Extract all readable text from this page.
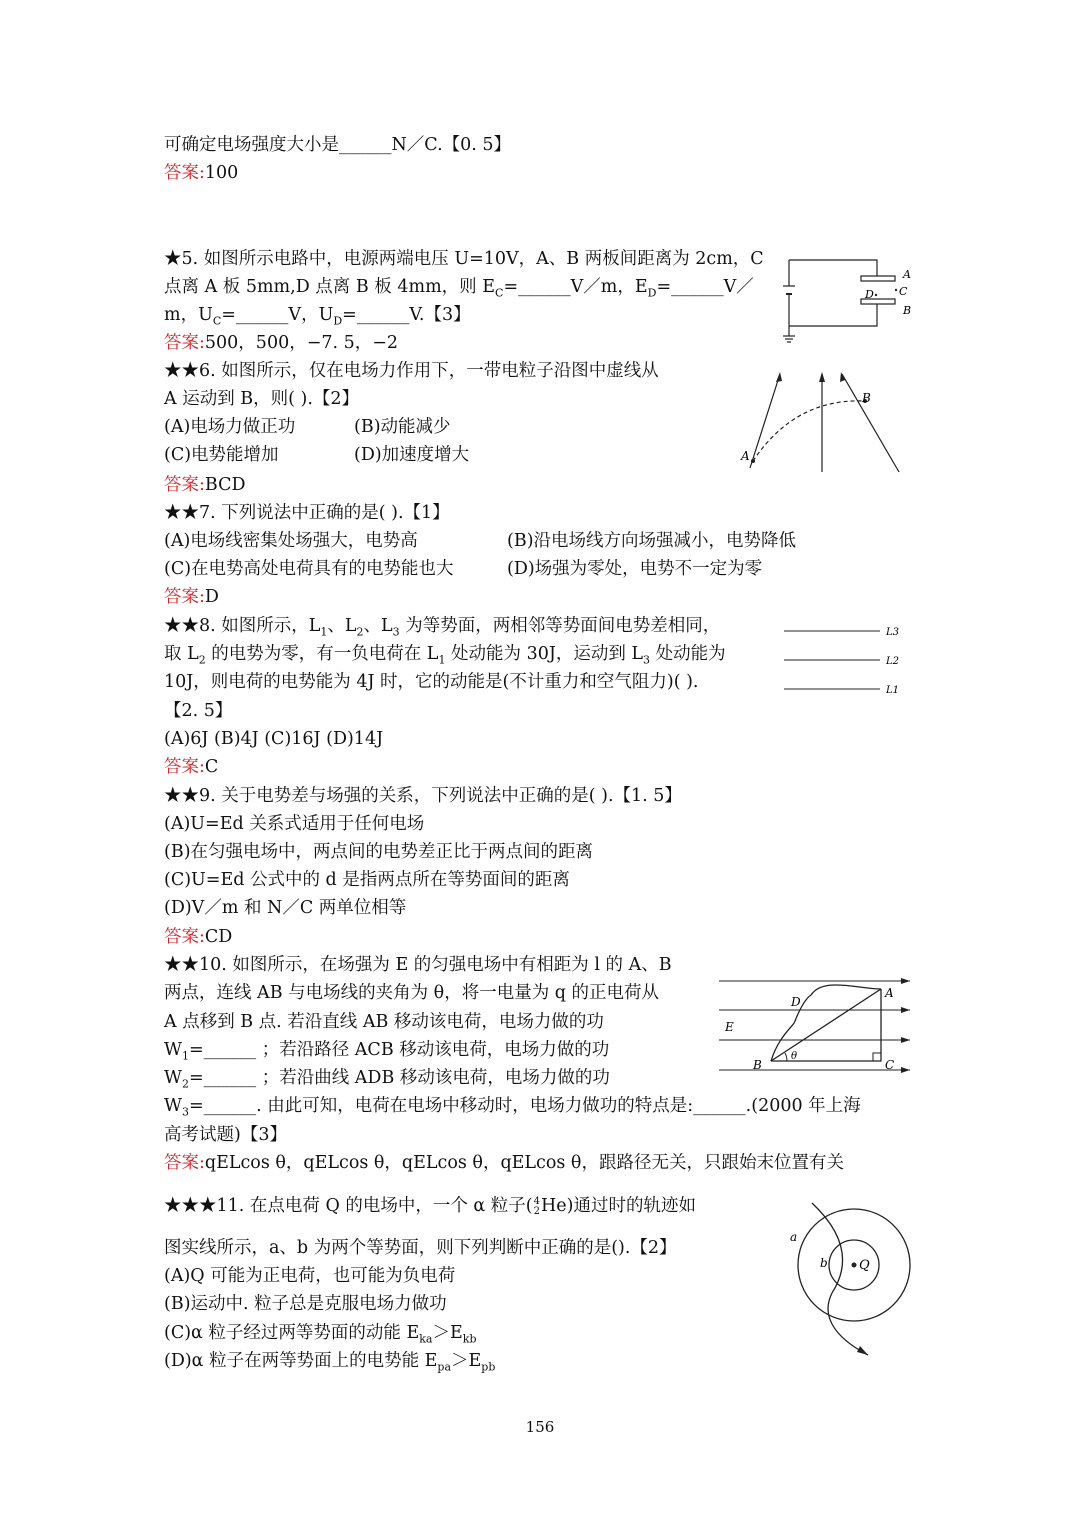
可确定电场强度大小是______N／C.【0. 5】
答案:100
★5. 如图所示电路中，电源两端电压 U=10V，A、B 两板间距离为 2cm，C
点离 A 板 5mm,D 点离 B 板 4mm，则 $E_C=\_\_\_\_\_\_V/m$，$E_D=\_\_\_\_\_\_V/$
m，$U_C=\_\_\_\_\_\_V$，$U_D=\_\_\_\_\_\_V$.【3】
答案:500，500，−7. 5，−2
★★6. 如图所示，仅在电场力作用下，一带电粒子沿图中虚线从
A 运动到 B，则( ).【2】
(A)电场力做正功	(B)动能减少
(C)电势能增加	(D)加速度增大
答案:BCD
★★7. 下列说法中正确的是( ).【1】
(A)电场线密集处场强大，电势高	(B)沿电场线方向场强减小，电势降低
(C)在电势高处电荷具有的电势能也大	(D)场强为零处，电势不一定为零
答案:D
★★8. 如图所示，$L_1$、$L_2$、$L_3$ 为等势面，两相邻等势面间电势差相同，
取 $L_2$ 的电势为零，有一负电荷在 $L_1$ 处动能为 30J，运动到 $L_3$ 处动能为
10J，则电荷的电势能为 4J 时，它的动能是(不计重力和空气阻力)( ).
【2. 5】
(A)6J (B)4J (C)16J (D)14J
答案:C
★★9. 关于电势差与场强的关系，下列说法中正确的是( ).【1. 5】
(A)U=Ed 关系式适用于任何电场
(B)在匀强电场中，两点间的电势差正比于两点间的距离
(C)U=Ed 公式中的 d 是指两点所在等势面间的距离
(D)V／m 和 N／C 两单位相等
答案:CD
★★10. 如图所示，在场强为 E 的匀强电场中有相距为 l 的 A、B
两点，连线 AB 与电场线的夹角为 θ，将一电量为 q 的正电荷从
A 点移到 B 点. 若沿直线 AB 移动该电荷，电场力做的功
$W_1=\_\_\_\_\_\_$ ；若沿路径 ACB 移动该电荷，电场力做的功
$W_2=\_\_\_\_\_\_$ ；若沿曲线 ADB 移动该电荷，电场力做的功
$W_3=\_\_\_\_\_\_$. 由此可知，电荷在电场中移动时，电场力做功的特点是:______.(2000 年上海
高考试题)【3】
答案:qELcos θ，qELcos θ，qELcos θ，qELcos θ，跟路径无关，只跟始末位置有关
★★★11. 在点电荷 Q 的电场中，一个 α 粒子( 4
2 He)通过时的轨迹如
图实线所示，a、b 为两个等势面，则下列判断中正确的是().【2】
(A)Q 可能为正电荷，也可能为负电荷
(B)运动中. 粒子总是克服电场力做功
(C)α 粒子经过两等势面的动能 $E_{ka}>E_{kb}$
(D)α 粒子在两等势面上的电势能 $E_{pa}>E_{pb}$
A
B
C
D
A
B
L3
L2
L1
A
B	C
D
E
θ
a
b Q
156
